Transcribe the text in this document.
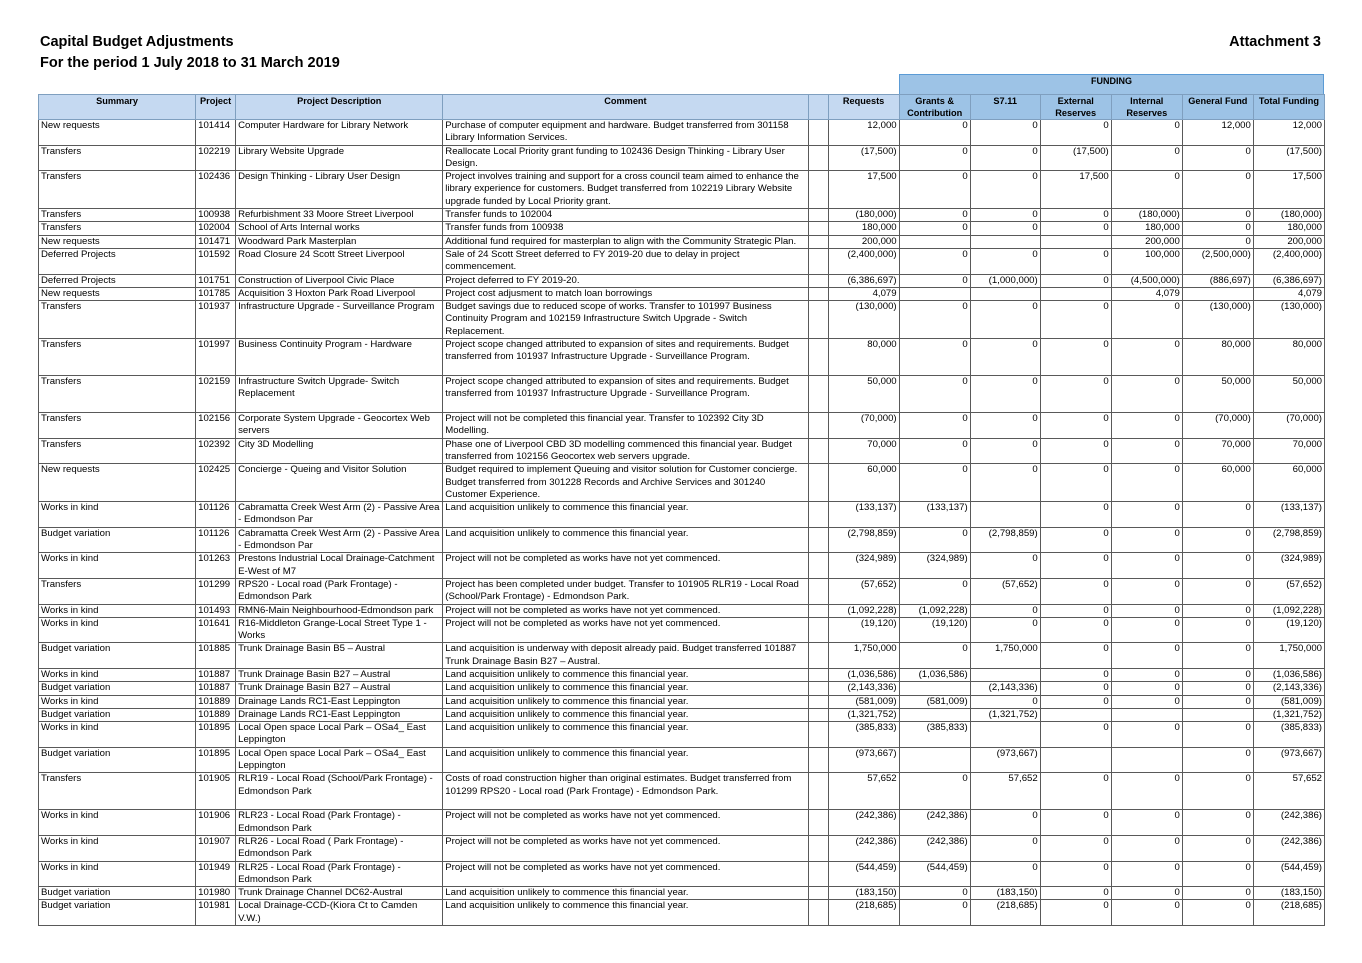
Capital Budget Adjustments
For the period 1 July 2018 to 31 March 2019
Attachment 3
FUNDING
Summary	Project	Project Description	Comment		Requests	Grants & Contribution	S7.11	External Reserves	Internal Reserves	General Fund	Total Funding
New requests	101414	Computer Hardware for Library Network	Purchase of computer equipment and hardware. Budget transferred from 301158 Library Information Services.		12,000	0	0	0	0	12,000	12,000
Transfers	102219	Library Website Upgrade	Reallocate Local Priority grant funding to 102436 Design Thinking - Library User Design.		(17,500)	0	0	(17,500)	0	0	(17,500)
Transfers	102436	Design Thinking - Library User Design	Project involves training and support for a cross council team aimed to enhance the library experience for customers. Budget transferred from 102219 Library Website upgrade funded by Local Priority grant.		17,500	0	0	17,500	0	0	17,500
Transfers	100938	Refurbishment 33 Moore Street Liverpool	Transfer funds to 102004		(180,000)	0	0	0	(180,000)	0	(180,000)
Transfers	102004	School of Arts Internal works	Transfer funds from 100938		180,000	0	0	0	180,000	0	180,000
New requests	101471	Woodward Park Masterplan	Additional fund required for masterplan to align with the Community Strategic Plan.		200,000				200,000	0	200,000
Deferred Projects	101592	Road Closure 24 Scott Street Liverpool	Sale of 24 Scott Street deferred to FY 2019-20 due to delay in project commencement.		(2,400,000)	0	0	0	100,000	(2,500,000)	(2,400,000)
Deferred Projects	101751	Construction of Liverpool Civic Place	Project deferred to FY 2019-20.		(6,386,697)	0	(1,000,000)	0	(4,500,000)	(886,697)	(6,386,697)
New requests	101785	Acquisition 3 Hoxton Park Road Liverpool	Project cost adjusment to match loan borrowings		4,079				4,079		4,079
Transfers	101937	Infrastructure Upgrade - Surveillance Program	Budget savings due to reduced scope of works. Transfer to 101997 Business Continuity Program and 102159 Infrastructure Switch Upgrade - Switch Replacement.		(130,000)	0	0	0	0	(130,000)	(130,000)
Transfers	101997	Business Continuity Program - Hardware	Project scope changed attributed to expansion of sites and requirements. Budget transferred from 101937 Infrastructure Upgrade - Surveillance Program.		80,000	0	0	0	0	80,000	80,000
Transfers	102159	Infrastructure Switch Upgrade- Switch Replacement	Project scope changed attributed to expansion of sites and requirements. Budget transferred from 101937 Infrastructure Upgrade - Surveillance Program.		50,000	0	0	0	0	50,000	50,000
Transfers	102156	Corporate System Upgrade - Geocortex Web servers	Project will not be completed this financial year. Transfer to 102392 City 3D Modelling.		(70,000)	0	0	0	0	(70,000)	(70,000)
Transfers	102392	City 3D Modelling	Phase one of Liverpool CBD 3D modelling commenced this financial year. Budget transferred from 102156 Geocortex web servers upgrade.		70,000	0	0	0	0	70,000	70,000
New requests	102425	Concierge - Queing and Visitor Solution	Budget required to implement Queuing and visitor solution for Customer concierge. Budget transferred from 301228 Records and Archive Services and 301240 Customer Experience.		60,000	0	0	0	0	60,000	60,000
Works in kind	101126	Cabramatta Creek West Arm (2) - Passive Area - Edmondson Par	Land acquisition unlikely to commence this financial year.		(133,137)	(133,137)		0	0	0	(133,137)
Budget variation	101126	Cabramatta Creek West Arm (2) - Passive Area - Edmondson Par	Land acquisition unlikely to commence this financial year.		(2,798,859)	0	(2,798,859)	0	0	0	(2,798,859)
Works in kind	101263	Prestons Industrial Local Drainage-Catchment E-West of M7	Project will not be completed as works have not yet commenced.		(324,989)	(324,989)	0	0	0	0	(324,989)
Transfers	101299	RPS20 - Local road (Park Frontage) - Edmondson Park	Project has been completed under budget. Transfer to 101905 RLR19 - Local Road (School/Park Frontage) - Edmondson Park.		(57,652)	0	(57,652)	0	0	0	(57,652)
Works in kind	101493	RMN6-Main Neighbourhood-Edmondson park	Project will not be completed as works have not yet commenced.		(1,092,228)	(1,092,228)	0	0	0	0	(1,092,228)
Works in kind	101641	R16-Middleton Grange-Local Street Type 1 - Works	Project will not be completed as works have not yet commenced.		(19,120)	(19,120)	0	0	0	0	(19,120)
Budget variation	101885	Trunk Drainage Basin B5 – Austral	Land acquisition is underway with deposit already paid. Budget transferred 101887 Trunk Drainage Basin B27 – Austral.		1,750,000	0	1,750,000	0	0	0	1,750,000
Works in kind	101887	Trunk Drainage Basin B27 – Austral	Land acquisition unlikely to commence this financial year.		(1,036,586)	(1,036,586)		0	0	0	(1,036,586)
Budget variation	101887	Trunk Drainage Basin B27 – Austral	Land acquisition unlikely to commence this financial year.		(2,143,336)		(2,143,336)	0	0	0	(2,143,336)
Works in kind	101889	Drainage Lands RC1-East Leppington	Land acquisition unlikely to commence this financial year.		(581,009)	(581,009)	0	0	0	0	(581,009)
Budget variation	101889	Drainage Lands RC1-East Leppington	Land acquisition unlikely to commence this financial year.		(1,321,752)		(1,321,752)				(1,321,752)
Works in kind	101895	Local Open space Local Park – OSa4_ East Leppington	Land acquisition unlikely to commence this financial year.		(385,833)	(385,833)		0	0	0	(385,833)
Budget variation	101895	Local Open space Local Park – OSa4_ East Leppington	Land acquisition unlikely to commence this financial year.		(973,667)		(973,667)			0	(973,667)
Transfers	101905	RLR19 - Local Road (School/Park Frontage) - Edmondson Park	Costs of road construction higher than original estimates. Budget transferred from 101299 RPS20 - Local road (Park Frontage) - Edmondson Park.		57,652	0	57,652	0	0	0	57,652
Works in kind	101906	RLR23 - Local Road (Park Frontage) - Edmondson Park	Project will not be completed as works have not yet commenced.		(242,386)	(242,386)	0	0	0	0	(242,386)
Works in kind	101907	RLR26 - Local Road ( Park Frontage) - Edmondson Park	Project will not be completed as works have not yet commenced.		(242,386)	(242,386)	0	0	0	0	(242,386)
Works in kind	101949	RLR25 - Local Road (Park Frontage) - Edmondson Park	Project will not be completed as works have not yet commenced.		(544,459)	(544,459)	0	0	0	0	(544,459)
Budget variation	101980	Trunk Drainage Channel DC62-Austral	Land acquisition unlikely to commence this financial year.		(183,150)	0	(183,150)	0	0	0	(183,150)
Budget variation	101981	Local Drainage-CCD-(Kiora Ct to Camden V.W.)	Land acquisition unlikely to commence this financial year.		(218,685)	0	(218,685)	0	0	0	(218,685)
